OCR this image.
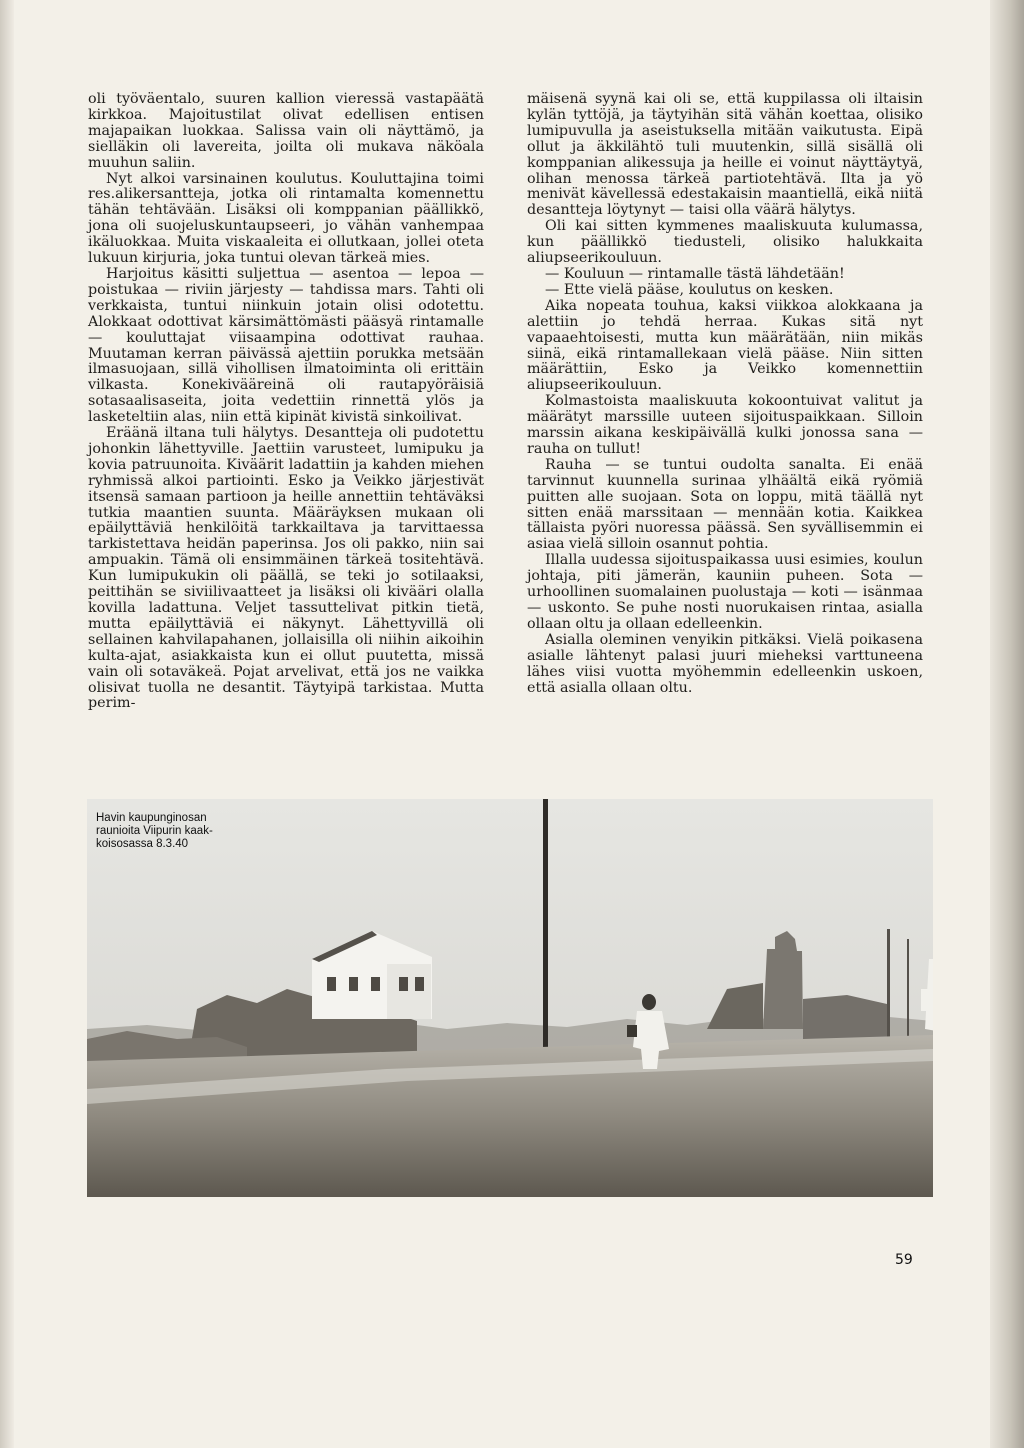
oli työväentalo, suuren kallion vieressä vastapäätä kirkkoa. Majoitustilat olivat edellisen entisen majapaikan luokkaa. Salissa vain oli näyttämö, ja sielläkin oli lavereita, joilta oli mukava näköala muuhun saliin.

Nyt alkoi varsinainen koulutus. Kouluttajina toimi res.alikersantteja, jotka oli rintamalta komennettu tähän tehtävään. Lisäksi oli komppanian päällikkö, jona oli suojeluskuntaupseeri, jo vähän vanhempaa ikäluokkaa. Muita viskaaleita ei ollutkaan, jollei oteta lukuun kirjuria, joka tuntui olevan tärkeä mies.

Harjoitus käsitti suljettua — asentoa — lepoa — poistukaa — riviin järjesty — tahdissa mars. Tahti oli verkkaista, tuntui niinkuin jotain olisi odotettu. Alokkaat odottivat kärsimättömästi pääsyä rintamalle — kouluttajat viisaampina odottivat rauhaa. Muutaman kerran päivässä ajettiin porukka metsään ilmasuojaan, sillä vihollisen ilmatoiminta oli erittäin vilkasta. Konekivääreinä oli rautapyöräisiä sotasaalisaseita, joita vedettiin rinnettä ylös ja lasketeltiin alas, niin että kipinät kivistä sinkoilivat.

Eräänä iltana tuli hälytys. Desantteja oli pudotettu johonkin lähettyville. Jaettiin varusteet, lumipuku ja kovia patruunoita. Kiväärit ladattiin ja kahden miehen ryhmissä alkoi partiointi. Esko ja Veikko järjestivät itsensä samaan partioon ja heille annettiin tehtäväksi tutkia maantien suunta. Määräyksen mukaan oli epäilyttäviä henkilöitä tarkkailtava ja tarvittaessa tarkistettava heidän paperinsa. Jos oli pakko, niin sai ampuakin. Tämä oli ensimmäinen tärkeä tositehtävä. Kun lumipukukin oli päällä, se teki jo sotilaaksi, peittihän se siviilivaatteet ja lisäksi oli kivääri olalla kovilla ladattuna. Veljet tassuttelivat pitkin tietä, mutta epäilyttäviä ei näkynyt. Lähettyvillä oli sellainen kahvilapahanen, jollaisilla oli niihin aikoihin kulta-ajat, asiakkaista kun ei ollut puutetta, missä vain oli sotaväkeä. Pojat arvelivat, että jos ne vaikka olisivat tuolla ne desantit. Täytyipä tarkistaa. Mutta perim-

mäisenä syynä kai oli se, että kuppilassa oli iltaisin kylän tyttöjä, ja täytyihän sitä vähän koettaa, olisiko lumipuvulla ja aseistuksella mitään vaikutusta. Eipä ollut ja äkkilähtö tuli muutenkin, sillä sisällä oli komppanian alikessuja ja heille ei voinut näyttäytyä, olihan menossa tärkeä partiotehtävä. Ilta ja yö menivät kävellessä edestakaisin maantiellä, eikä niitä desantteja löytynyt — taisi olla väärä hälytys.

Oli kai sitten kymmenes maaliskuuta kulumassa, kun päällikkö tiedusteli, olisiko halukkaita aliupseerikouluun.

— Kouluun — rintamalle tästä lähdetään!

— Ette vielä pääse, koulutus on kesken.

Aika nopeata touhua, kaksi viikkoa alokkaana ja alettiin jo tehdä herraa. Kukas sitä nyt vapaaehtoisesti, mutta kun määrätään, niin mikäs siinä, eikä rintamallekaan vielä pääse. Niin sitten määrättiin, Esko ja Veikko komennettiin aliupseerikouluun.

Kolmastoista maaliskuuta kokoontuivat valitut ja määrätyt marssille uuteen sijoituspaikkaan. Silloin marssin aikana keskipäivällä kulki jonossa sana — rauha on tullut!

Rauha — se tuntui oudolta sanalta. Ei enää tarvinnut kuunnella surinaa ylhäältä eikä ryömiä puitten alle suojaan. Sota on loppu, mitä täällä nyt sitten enää marssitaan — mennään kotia. Kaikkea tällaista pyöri nuoressa päässä. Sen syvällisemmin ei asiaa vielä silloin osannut pohtia.

Illalla uudessa sijoituspaikassa uusi esimies, koulun johtaja, piti jämerän, kauniin puheen. Sota — urhoollinen suomalainen puolustaja — koti — isänmaa — uskonto. Se puhe nosti nuorukaisen rintaa, asialla ollaan oltu ja ollaan edelleenkin.

Asialla oleminen venyikin pitkäksi. Vielä poikasena asialle lähtenyt palasi juuri mieheksi varttuneena lähes viisi vuotta myöhemmin edelleenkin uskoen, että asialla ollaan oltu.

Havin kaupunginosan
raunioita Viipurin kaak-
koisosassa 8.3.40
59
